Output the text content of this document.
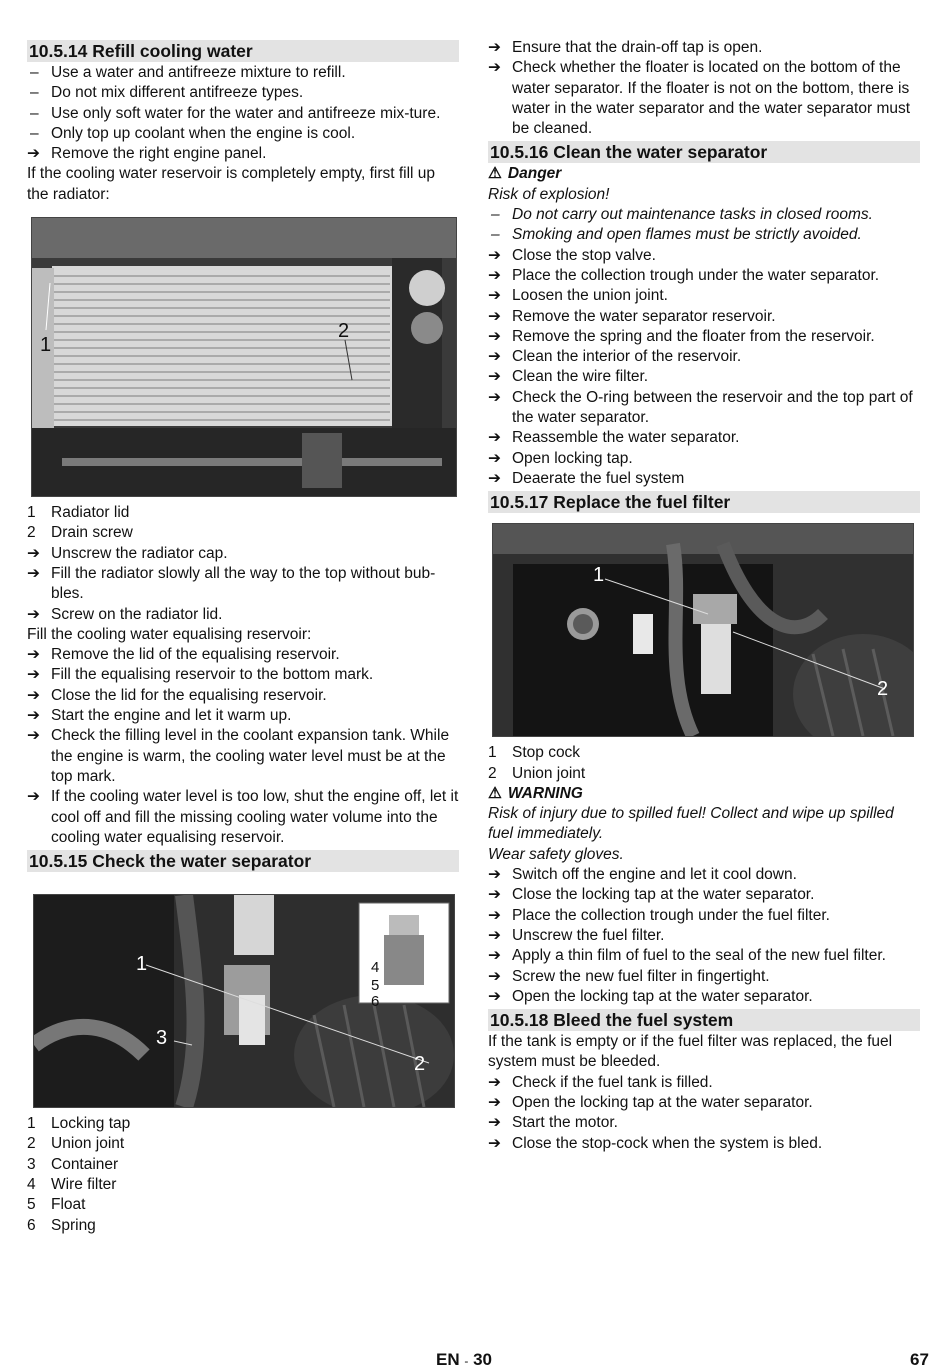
10.5.14 Refill cooling water
– Use a water and antifreeze mixture to refill.
– Do not mix different antifreeze types.
– Use only soft water for the water and antifreeze mix-ture.
– Only top up coolant when the engine is cool.
➔ Remove the right engine panel.
If the cooling water reservoir is completely empty, first fill up the radiator:
1
2
1 Radiator lid
2 Drain screw
➔ Unscrew the radiator cap.
➔ Fill the radiator slowly all the way to the top without bub-bles.
➔ Screw on the radiator lid.
Fill the cooling water equalising reservoir:
➔ Remove the lid of the equalising reservoir.
➔ Fill the equalising reservoir to the bottom mark.
➔ Close the lid for the equalising reservoir.
➔ Start the engine and let it warm up.
➔ Check the filling level in the coolant expansion tank. While the engine is warm, the cooling water level must be at the top mark.
➔ If the cooling water level is too low, shut the engine off, let it cool off and fill the missing cooling water volume into the cooling water equalising reservoir.
10.5.15 Check the water separator
1
2
3
4
5
6
1 Locking tap
2 Union joint
3 Container
4 Wire filter
5 Float
6 Spring
➔ Ensure that the drain-off tap is open.
➔ Check whether the floater is located on the bottom of the water separator. If the floater is not on the bottom, there is water in the water separator and the water separator must be cleaned.
10.5.16 Clean the water separator
⚠ Danger
Risk of explosion!
– Do not carry out maintenance tasks in closed rooms.
– Smoking and open flames must be strictly avoided.
➔ Close the stop valve.
➔ Place the collection trough under the water separator.
➔ Loosen the union joint.
➔ Remove the water separator reservoir.
➔ Remove the spring and the floater from the reservoir.
➔ Clean the interior of the reservoir.
➔ Clean the wire filter.
➔ Check the O-ring between the reservoir and the top part of the water separator.
➔ Reassemble the water separator.
➔ Open locking tap.
➔ Deaerate the fuel system
10.5.17 Replace the fuel filter
1
2
1 Stop cock
2 Union joint
⚠ WARNING
Risk of injury due to spilled fuel! Collect and wipe up spilled fuel immediately.
Wear safety gloves.
➔ Switch off the engine and let it cool down.
➔ Close the locking tap at the water separator.
➔ Place the collection trough under the fuel filter.
➔ Unscrew the fuel filter.
➔ Apply a thin film of fuel to the seal of the new fuel filter.
➔ Screw the new fuel filter in fingertight.
➔ Open the locking tap at the water separator.
10.5.18 Bleed the fuel system
If the tank is empty or if the fuel filter was replaced, the fuel system must be bleeded.
➔ Check if the fuel tank is filled.
➔ Open the locking tap at the water separator.
➔ Start the motor.
➔ Close the stop-cock when the system is bled.
EN - 30	67
